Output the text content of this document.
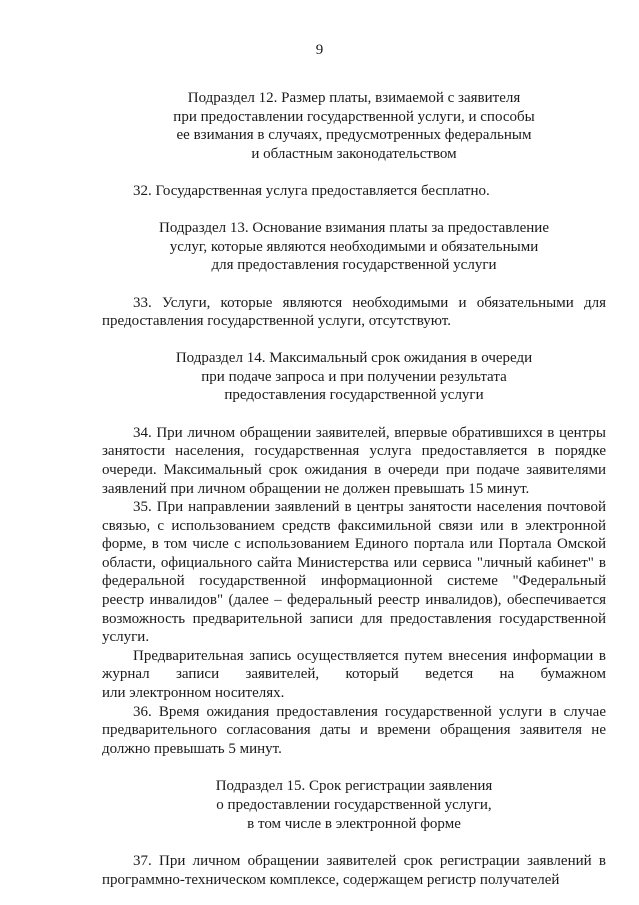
9
Подраздел 12. Размер платы, взимаемой с заявителя
при предоставлении государственной услуги, и способы
ее взимания в случаях, предусмотренных федеральным
и областным законодательством

32. Государственная услуга предоставляется бесплатно.

Подраздел 13. Основание взимания платы за предоставление
услуг, которые являются необходимыми и обязательными
для предоставления государственной услуги

33. Услуги, которые являются необходимыми и обязательными для предоставления государственной услуги, отсутствуют.

Подраздел 14. Максимальный срок ожидания в очереди
при подаче запроса и при получении результата
предоставления государственной услуги

34. При личном обращении заявителей, впервые обратившихся в центры занятости населения, государственная услуга предоставляется в порядке очереди. Максимальный срок ожидания в очереди при подаче заявителями заявлений при личном обращении не должен превышать 15 минут.

35. При направлении заявлений в центры занятости населения почтовой связью, с использованием средств факсимильной связи или в электронной форме, в том числе с использованием Единого портала или Портала Омской области, официального сайта Министерства или сервиса "личный кабинет" в федеральной государственной информационной системе "Федеральный реестр инвалидов" (далее – федеральный реестр инвалидов), обеспечивается возможность предварительной записи для предоставления государственной услуги.

Предварительная запись осуществляется путем внесения информации в журнал записи заявителей, который ведется на бумажном

или электронном носителях.

36. Время ожидания предоставления государственной услуги в случае предварительного согласования даты и времени обращения заявителя не должно превышать 5 минут.

Подраздел 15. Срок регистрации заявления
о предоставлении государственной услуги,
в том числе в электронной форме

37. При личном обращении заявителей срок регистрации заявлений в программно-техническом комплексе, содержащем регистр получателей
